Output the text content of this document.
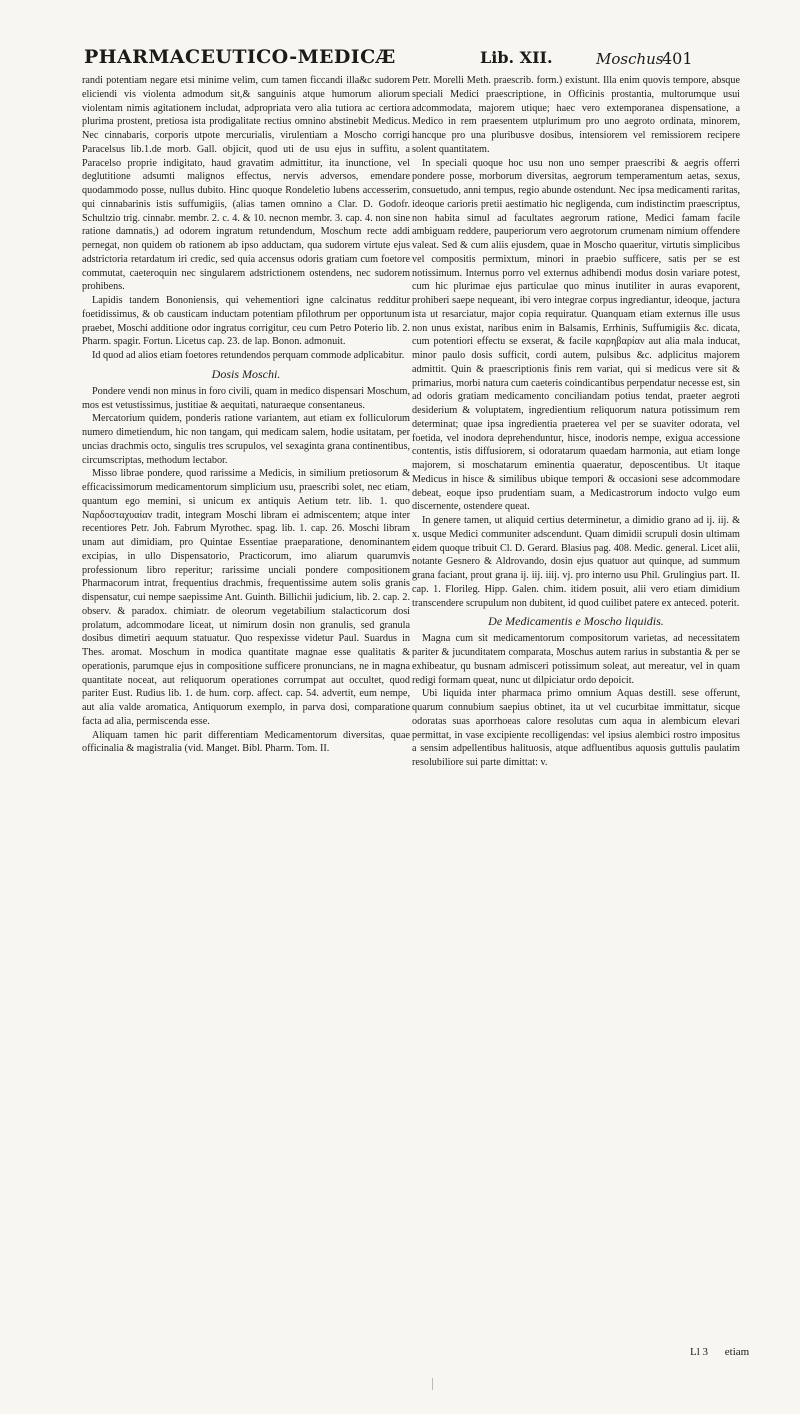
PHARMACEUTICO-MEDICÆ	Lib. XII.	Moschus
401

randi potentiam negare etsi minime velim, cum tamen ficcandi illa&c sudorem eliciendi vis violenta admodum sit,& sanguinis atque humorum aliorum violentam nimis agitationem includat, adpropriata vero alia tutiora ac certiora plurima prostent, pretiosa ista prodigalitate rectius omnino abstinebit Medicus. Nec cinnabaris, corporis utpote mercurialis, virulentiam a Moscho corrigi Paracelsus lib.1.de morb. Gall. objicit, quod uti de usu ejus in suffitu, a Paracelso proprie indigitato, haud gravatim admittitur, ita inunctione, vel deglutitione adsumti malignos effectus, nervis adversos, emendare quodammodo posse, nullus dubito. Hinc quoque Rondeletio lubens accesserim, qui cinnabarinis istis suffumigiis, (alias tamen omnino a Clar. D. Godofr. Schultzio trig. cinnabr. membr. 2. c. 4. & 10. necnon membr. 3. cap. 4. non sine ratione damnatis,) ad odorem ingratum retundendum, Moschum recte addi pernegat, non quidem ob rationem ab ipso adductam, qua sudorem virtute ejus adstrictoria retardatum iri credic, sed quia accensus odoris gratiam cum foetore commutat, caeteroquin nec singularem adstrictionem ostendens, nec sudorem prohibens.

Lapidis tandem Bononiensis, qui vehementiori igne calcinatus redditur foetidissimus, & ob causticam inductam potentiam pfilothrum per opportunum praebet, Moschi additione odor ingratus corrigitur, ceu cum Petro Poterio lib. 2. Pharm. spagir. Fortun. Licetus cap. 23. de lap. Bonon. admonuit.

Id quod ad alios etiam foetores retundendos perquam commode adplicabitur.

Dosis Moschi.

Pondere vendi non minus in foro civili, quam in medico dispensari Moschum, mos est vetustissimus, justitiae & aequitati, naturaeque consentaneus.

Mercatorium quidem, ponderis ratione variantem, aut etiam ex folliculorum numero dimetiendum, hic non tangam, qui medicam salem, hodie usitatam, per uncias drachmis octo, singulis tres scrupulos, vel sexaginta grana continentibus, circumscriptas, methodum lectabor.

Misso librae pondere, quod rarissime a Medicis, in similium pretiosorum & efficacissimorum medicamentorum simplicium usu, praescribi solet, nec etiam, quantum ego memini, si unicum ex antiquis Aetium tetr. lib. 1. quo Ναρδοσταχυαίαν tradit, integram Moschi libram ei admiscentem; atque inter recentiores Petr. Joh. Fabrum Myrothec. spag. lib. 1. cap. 26. Moschi libram unam aut dimidiam, pro Quintae Essentiae praeparatione, denominantem excipias, in ullo Dispensatorio, Practicorum, imo aliarum quarumvis professionum libro reperitur; rarissime unciali pondere compositionem Pharmacorum intrat, frequentius drachmis, frequentissime autem solis granis dispensatur, cui nempe saepissime Ant. Guinth. Billichii judicium, lib. 2. cap. 2. observ. & paradox. chimiatr. de oleorum vegetabilium stalacticorum dosi prolatum, adcommodare liceat, ut nimirum dosin non granulis, sed granula dosibus dimetiri aequum statuatur. Quo respexisse videtur Paul. Suardus in Thes. aromat. Moschum in modica quantitate magnae esse qualitatis & operationis, parumque ejus in compositione sufficere pronuncians, ne in magna quantitate noceat, aut reliquorum operationes corrumpat aut occultet, quod pariter Eust. Rudius lib. 1. de hum. corp. affect. cap. 54. advertit, eum nempe, aut alia valde aromatica, Antiquorum exemplo, in parva dosi, comparatione facta ad alia, permiscenda esse.

Aliquam tamen hic parit differentiam Medicamentorum diversitas, quae officinalia & magistralia (vid. Manget. Bibl. Pharm. Tom. II.

Petr. Morelli Meth. praescrib. form.) existunt. Illa enim quovis tempore, absque speciali Medici praescriptione, in Officinis prostantia, multorumque usui adcommodata, majorem utique; haec vero extemporanea dispensatione, a Medico in rem praesentem utplurimum pro uno aegroto ordinata, minorem, hancque pro una pluribusve dosibus, intensiorem vel remissiorem recipere solent quantitatem.

In speciali quoque hoc usu non uno semper praescribi & aegris offerri pondere posse, morborum diversitas, aegrorum temperamentum aetas, sexus, consuetudo, anni tempus, regio abunde ostendunt. Nec ipsa medicamenti raritas, ideoque carioris pretii aestimatio hic negligenda, cum indistinctim praescriptus, non habita simul ad facultates aegrorum ratione, Medici famam facile ambiguam reddere, pauperiorum vero aegrotorum crumenam nimium offendere valeat. Sed & cum aliis ejusdem, quae in Moscho quaeritur, virtutis simplicibus vel compositis permixtum, minori in praebio sufficere, satis per se est notissimum. Internus porro vel externus adhibendi modus dosin variare potest, cum hic plurimae ejus particulae quo minus inutiliter in auras evaporent, prohiberi saepe nequeant, ibi vero integrae corpus ingrediantur, ideoque, jactura ista ut resarciatur, major copia requiratur. Quanquam etiam externus ille usus non unus existat, naribus enim in Balsamis, Errhinis, Suffumigiis &c. dicata, cum potentiori effectu se exserat, & facile καρηβαρίαν aut alia mala inducat, minor paulo dosis sufficit, cordi autem, pulsibus &c. adplicitus majorem admittit. Quin & praescriptionis finis rem variat, qui si medicus vere sit & primarius, morbi natura cum caeteris coindicantibus perpendatur necesse est, sin ad odoris gratiam medicamento conciliandam potius tendat, praeter aegroti desiderium & voluptatem, ingredientium reliquorum natura potissimum rem determinat; quae ipsa ingredientia praeterea vel per se suaviter odorata, vel foetida, vel inodora deprehenduntur, hisce, inodoris nempe, exigua accessione contentis, istis diffusiorem, si odoratarum quaedam harmonia, aut etiam longe majorem, si moschatarum eminentia quaeratur, deposcentibus. Ut itaque Medicus in hisce & similibus ubique tempori & occasioni sese adcommodare debeat, eoque ipso prudentiam suam, a Medicastrorum indocto vulgo eum discernente, ostendere queat.

In genere tamen, ut aliquid certius determinetur, a dimidio grano ad ij. iij. & x. usque Medici communiter adscendunt. Quam dimidii scrupuli dosin ultimam eidem quoque tribuit Cl. D. Gerard. Blasius pag. 408. Medic. general. Licet alii, notante Gesnero & Aldrovando, dosin ejus quatuor aut quinque, ad summum grana faciant, prout grana ij. iij. iiij. vj. pro interno usu Phil. Grulingius part. II. cap. 1. Florileg. Hipp. Galen. chim. itidem posuit, alii vero etiam dimidium transcendere scrupulum non dubitent, id quod cuilibet patere ex anteced. poterit.

De Medicamentis e Moscho liquidis.

Magna cum sit medicamentorum compositorum varietas, ad necessitatem pariter & jucunditatem comparata, Moschus autem rarius in substantia & per se exhibeatur, qu busnam admisceri potissimum soleat, aut mereatur, vel in quam redigi formam queat, nunc ut dilpiciatur ordo depoicit.

Ubi liquida inter pharmaca primo omnium Aquas destill. sese offerunt, quarum connubium saepius obtinet, ita ut vel cucurbitae immittatur, sicque odoratas suas aporrhoeas calore resolutas cum aqua in alembicum elevari permittat, in vase excipiente recolligendas: vel ipsius alembici rostro impositus a sensim adpellentibus halituosis, atque adfluentibus aquosis guttulis paulatim resolubiliore sui parte dimittat: v.

Ll 3 etiam
